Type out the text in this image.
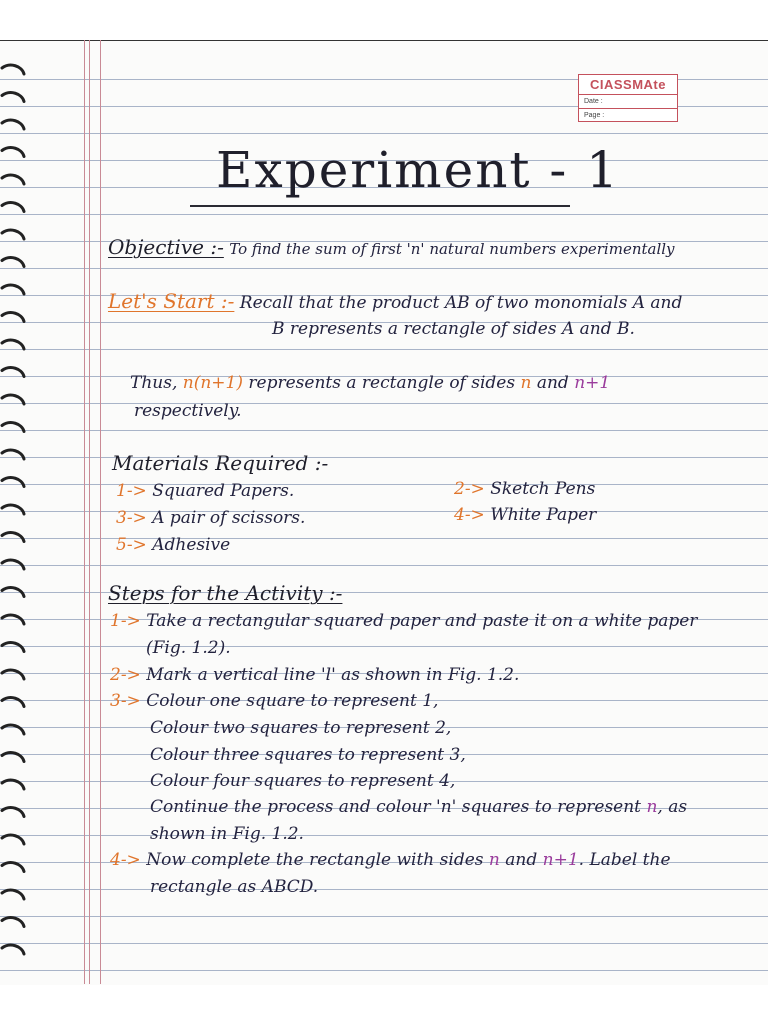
CIASSMAte
Date :
Page :
Experiment - 1
Objective :- To find the sum of first 'n' natural numbers experimentally
Let's Start :- Recall that the product AB of two monomials A and
B represents a rectangle of sides A and B.
Thus, n(n+1) represents a rectangle of sides n and n+1
respectively.
Materials Required :-
1-> Squared Papers.	2-> Sketch Pens
3-> A pair of scissors.	4-> White Paper
5-> Adhesive
Steps for the Activity :-
1-> Take a rectangular squared paper and paste it on a white paper
(Fig. 1.2).
2-> Mark a vertical line 'l' as shown in Fig. 1.2.
3-> Colour one square to represent 1,
Colour two squares to represent 2,
Colour three squares to represent 3,
Colour four squares to represent 4,
Continue the process and colour 'n' squares to represent n, as
shown in Fig. 1.2.
4-> Now complete the rectangle with sides n and n+1. Label the
rectangle as ABCD.
